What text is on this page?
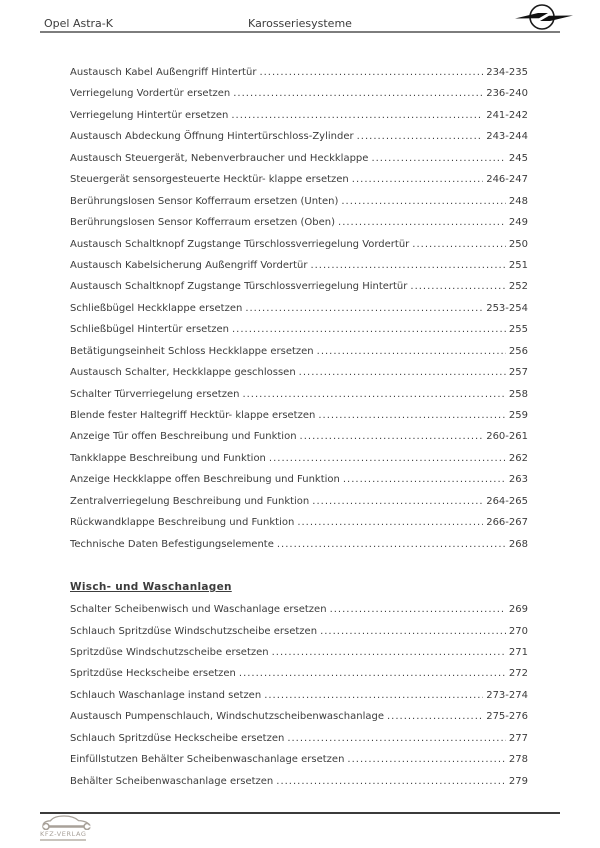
Opel Astra-K	Karosseriesysteme
Austausch Kabel Außengriff Hintertür .....	234-235
Verriegelung Vordertür ersetzen .....	236-240
Verriegelung Hintertür ersetzen .....	241-242
Austausch Abdeckung Öffnung Hintertürschloss-Zylinder .....	243-244
Austausch Steuergerät, Nebenverbraucher und Heckklappe .....	245
Steuergerät sensorgesteuerte Hecktür- klappe ersetzen .....	246-247
Berührungslosen Sensor Kofferraum ersetzen (Unten) .....	248
Berührungslosen Sensor Kofferraum ersetzen (Oben) .....	249
Austausch Schaltknopf Zugstange Türschlossverriegelung Vordertür .....	250
Austausch Kabelsicherung Außengriff Vordertür .....	251
Austausch Schaltknopf Zugstange Türschlossverriegelung Hintertür .....	252
Schließbügel Heckklappe ersetzen .....	253-254
Schließbügel Hintertür ersetzen .....	255
Betätigungseinheit Schloss Heckklappe ersetzen .....	256
Austausch Schalter, Heckklappe geschlossen .....	257
Schalter Türverriegelung ersetzen .....	258
Blende fester Haltegriff Hecktür- klappe ersetzen .....	259
Anzeige Tür offen Beschreibung und Funktion .....	260-261
Tankklappe Beschreibung und Funktion .....	262
Anzeige Heckklappe offen Beschreibung und Funktion .....	263
Zentralverriegelung Beschreibung und Funktion .....	264-265
Rückwandklappe Beschreibung und Funktion .....	266-267
Technische Daten Befestigungselemente .....	268
Wisch- und Waschanlagen
Schalter Scheibenwisch und Waschanlage ersetzen .....	269
Schlauch Spritzdüse Windschutzscheibe ersetzen .....	270
Spritzdüse Windschutzscheibe ersetzen .....	271
Spritzdüse Heckscheibe ersetzen .....	272
Schlauch Waschanlage instand setzen .....	273-274
Austausch Pumpenschlauch, Windschutzscheibenwaschanlage .....	275-276
Schlauch Spritzdüse Heckscheibe ersetzen .....	277
Einfüllstutzen Behälter Scheibenwaschanlage ersetzen .....	278
Behälter Scheibenwaschanlage ersetzen .....	279
KFZ-VERLAG
